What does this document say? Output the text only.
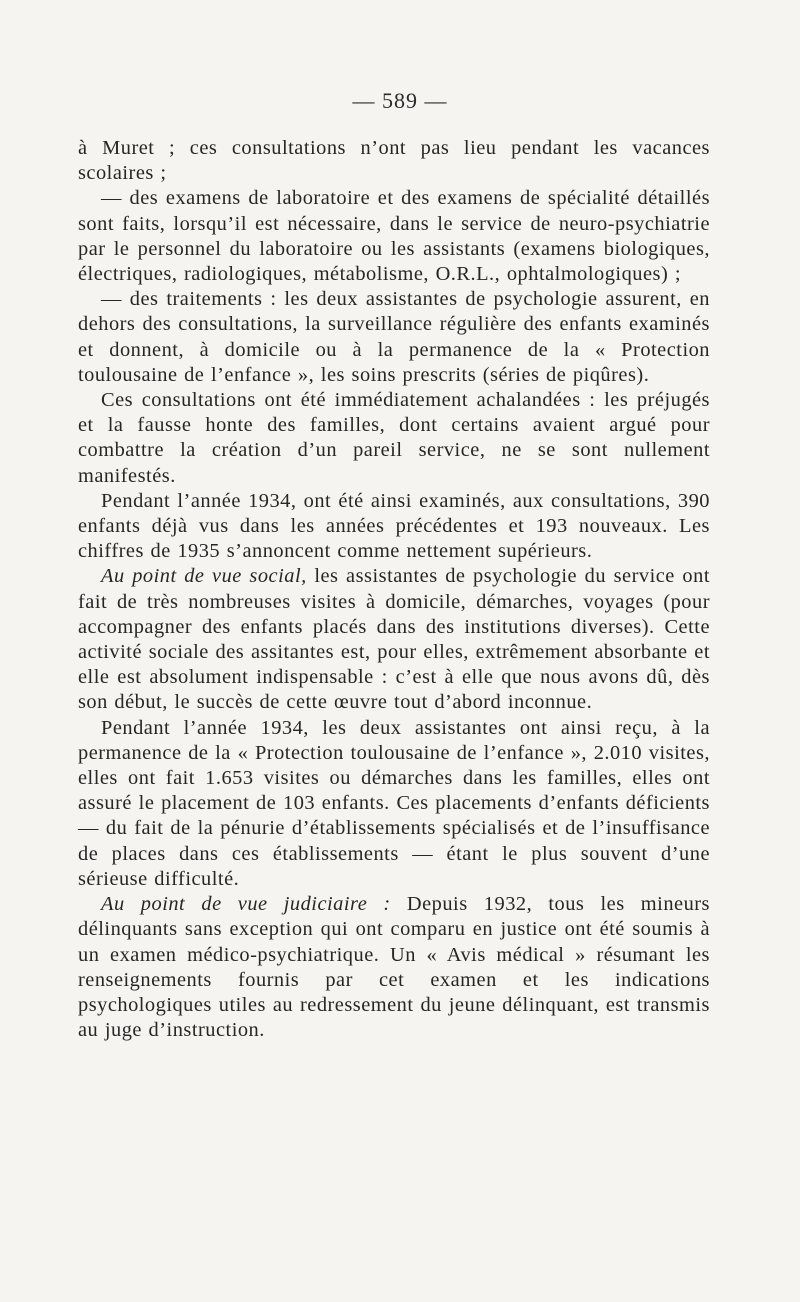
— 589 —

à Muret ; ces consultations n’ont pas lieu pendant les vacances scolaires ;

— des examens de laboratoire et des examens de spécialité détaillés sont faits, lorsqu’il est nécessaire, dans le service de neuro-psychiatrie par le personnel du laboratoire ou les assistants (examens biologiques, électriques, radiologiques, métabolisme, O.R.L., ophtalmologiques) ;

— des traitements : les deux assistantes de psychologie assurent, en dehors des consultations, la surveillance régulière des enfants examinés et donnent, à domicile ou à la permanence de la « Protection toulousaine de l’enfance », les soins prescrits (séries de piqûres).

Ces consultations ont été immédiatement achalandées : les préjugés et la fausse honte des familles, dont certains avaient argué pour combattre la création d’un pareil service, ne se sont nullement manifestés.

Pendant l’année 1934, ont été ainsi examinés, aux consultations, 390 enfants déjà vus dans les années précédentes et 193 nouveaux. Les chiffres de 1935 s’annoncent comme nettement supérieurs.

Au point de vue social, les assistantes de psychologie du service ont fait de très nombreuses visites à domicile, démarches, voyages (pour accompagner des enfants placés dans des institutions diverses). Cette activité sociale des assitantes est, pour elles, extrêmement absorbante et elle est absolument indispensable : c’est à elle que nous avons dû, dès son début, le succès de cette œuvre tout d’abord inconnue.

Pendant l’année 1934, les deux assistantes ont ainsi reçu, à la permanence de la « Protection toulousaine de l’enfance », 2.010 visites, elles ont fait 1.653 visites ou démarches dans les familles, elles ont assuré le placement de 103 enfants. Ces placements d’enfants déficients — du fait de la pénurie d’établissements spécialisés et de l’insuffisance de places dans ces établissements — étant le plus souvent d’une sérieuse difficulté.

Au point de vue judiciaire : Depuis 1932, tous les mineurs délinquants sans exception qui ont comparu en justice ont été soumis à un examen médico-psychiatrique. Un « Avis médical » résumant les renseignements fournis par cet examen et les indications psychologiques utiles au redressement du jeune délinquant, est transmis au juge d’instruction.
